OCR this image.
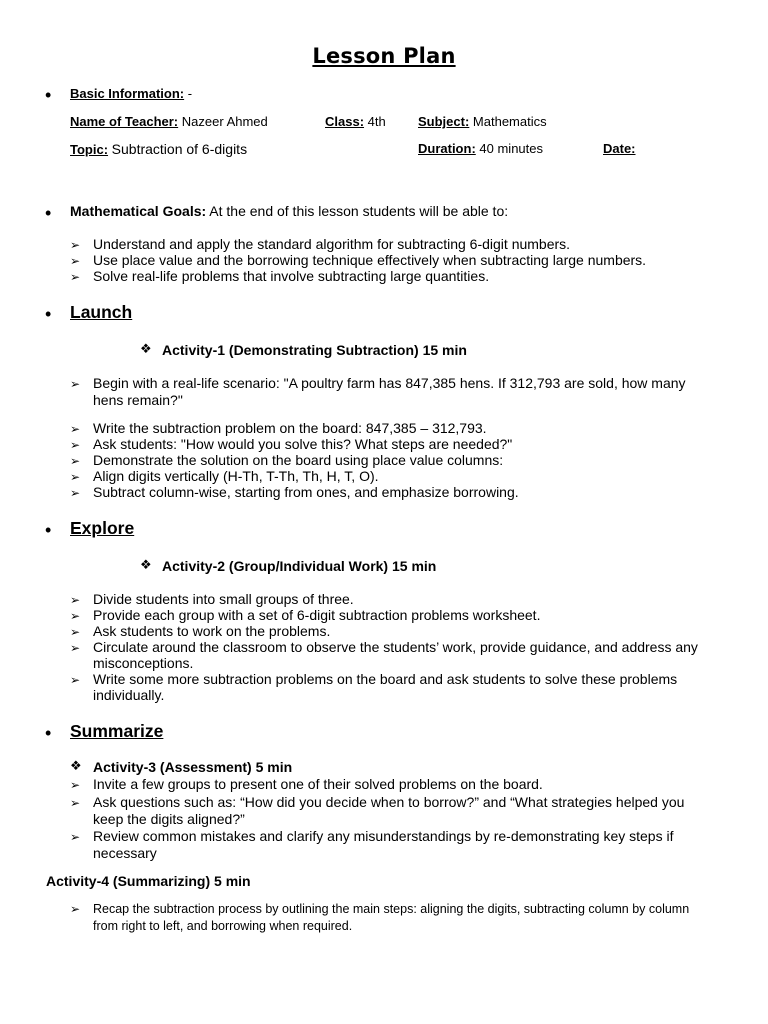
Lesson Plan
• Basic Information: -
Name of Teacher: Nazeer Ahmed	Class: 4th Subject: Mathematics
Topic: Subtraction of 6-digits	Duration: 40 minutes	Date:
• Mathematical Goals: At the end of this lesson students will be able to:
➢ Understand and apply the standard algorithm for subtracting 6-digit numbers.
➢ Use place value and the borrowing technique effectively when subtracting large numbers.
➢ Solve real-life problems that involve subtracting large quantities.
• Launch
❖ Activity-1 (Demonstrating Subtraction) 15 min
➢ Begin with a real-life scenario: "A poultry farm has 847,385 hens. If 312,793 are sold, how many
hens remain?"
➢ Write the subtraction problem on the board: 847,385 – 312,793.
➢ Ask students: "How would you solve this? What steps are needed?"
➢ Demonstrate the solution on the board using place value columns:
➢ Align digits vertically (H-Th, T-Th, Th, H, T, O).
➢ Subtract column-wise, starting from ones, and emphasize borrowing.
• Explore
❖ Activity-2 (Group/Individual Work) 15 min
➢ Divide students into small groups of three.
➢ Provide each group with a set of 6-digit subtraction problems worksheet.
➢ Ask students to work on the problems.
➢ Circulate around the classroom to observe the students’ work, provide guidance, and address any
misconceptions.
➢ Write some more subtraction problems on the board and ask students to solve these problems
individually.
• Summarize
❖ Activity-3 (Assessment) 5 min
➢ Invite a few groups to present one of their solved problems on the board.
➢ Ask questions such as: “How did you decide when to borrow?” and “What strategies helped you
keep the digits aligned?”
➢ Review common mistakes and clarify any misunderstandings by re-demonstrating key steps if
necessary
Activity-4 (Summarizing) 5 min
➢ Recap the subtraction process by outlining the main steps: aligning the digits, subtracting column by column
from right to left, and borrowing when required.
